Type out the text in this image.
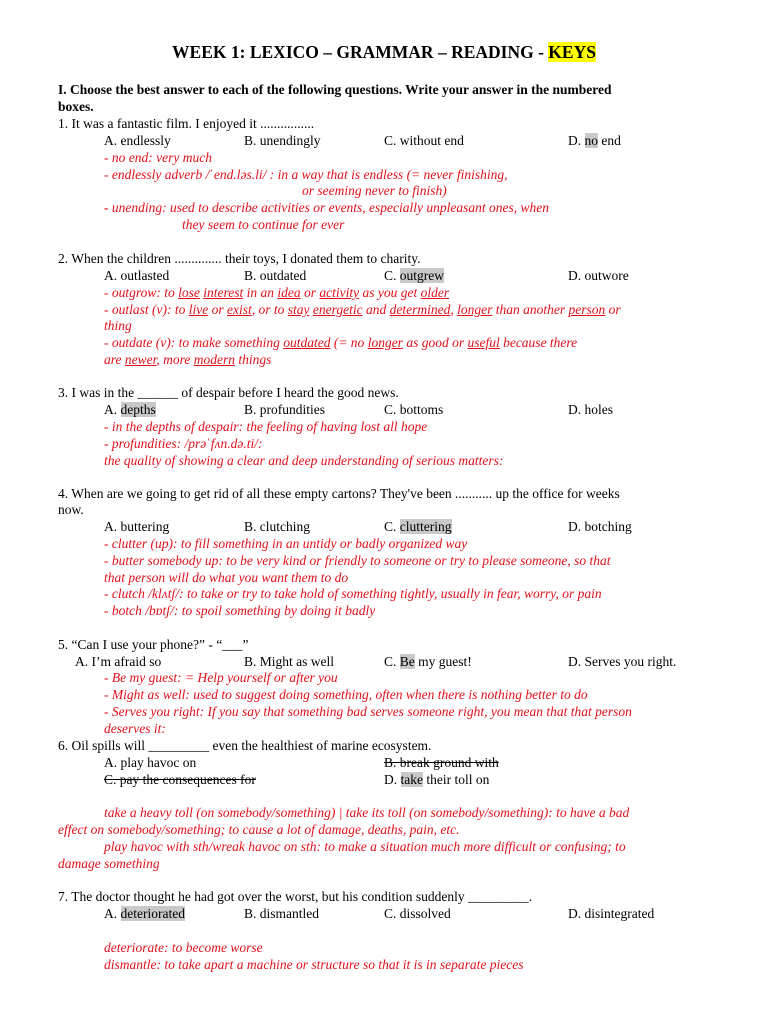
WEEK 1: LEXICO – GRAMMAR – READING - KEYS
I. Choose the best answer to each of the following questions. Write your answer in the numbered
boxes.
1. It was a fantastic film. I enjoyed it ................
A. endlessly	B. unendingly	C. without end	D. no end
- no end: very much
- endlessly adverb /ˈend.ləs.li/ : in a way that is endless (= never finishing,
or seeming never to finish)
- unending: used to describe activities or events, especially unpleasant ones, when
they seem to continue for ever
2. When the children .............. their toys, I donated them to charity.
A. outlasted	B. outdated	C. outgrew	D. outwore
- outgrow: to lose interest in an idea or activity as you get older
- outlast (v): to live or exist, or to stay energetic and determined, longer than another person or
thing
- outdate (v): to make something outdated (= no longer as good or useful because there
are newer, more modern things
3. I was in the ______ of despair before I heard the good news.
A. depths	B. profundities	C. bottoms	D. holes
- in the depths of despair: the feeling of having lost all hope
- profundities: /prəˈfʌn.də.ti/:
the quality of showing a clear and deep understanding of serious matters:
4. When are we going to get rid of all these empty cartons? They've been ........... up the office for weeks
now.
A. buttering	B. clutching	C. cluttering	D. botching
- clutter (up): to fill something in an untidy or badly organized way
- butter somebody up: to be very kind or friendly to someone or try to please someone, so that
that person will do what you want them to do
- clutch /klʌtʃ/: to take or try to take hold of something tightly, usually in fear, worry, or pain
- botch /bɒtʃ/: to spoil something by doing it badly
5. “Can I use your phone?” - “___”
A. I’m afraid so	B. Might as well	C. Be my guest!	D. Serves you right.
- Be my guest: = Help yourself or after you
- Might as well: used to suggest doing something, often when there is nothing better to do
- Serves you right: If you say that something bad serves someone right, you mean that that person
deserves it:
6. Oil spills will _________ even the healthiest of marine ecosystem.
A. play havoc on	B. break ground with
C. pay the consequences for	D. take their toll on
take a heavy toll (on somebody/something) | take its toll (on somebody/something): to have a bad
effect on somebody/something; to cause a lot of damage, deaths, pain, etc.
play havoc with sth/wreak havoc on sth: to make a situation much more difficult or confusing; to
damage something
7. The doctor thought he had got over the worst, but his condition suddenly _________.
A. deteriorated	B. dismantled	C. dissolved	D. disintegrated
deteriorate: to become worse
dismantle: to take apart a machine or structure so that it is in separate pieces
